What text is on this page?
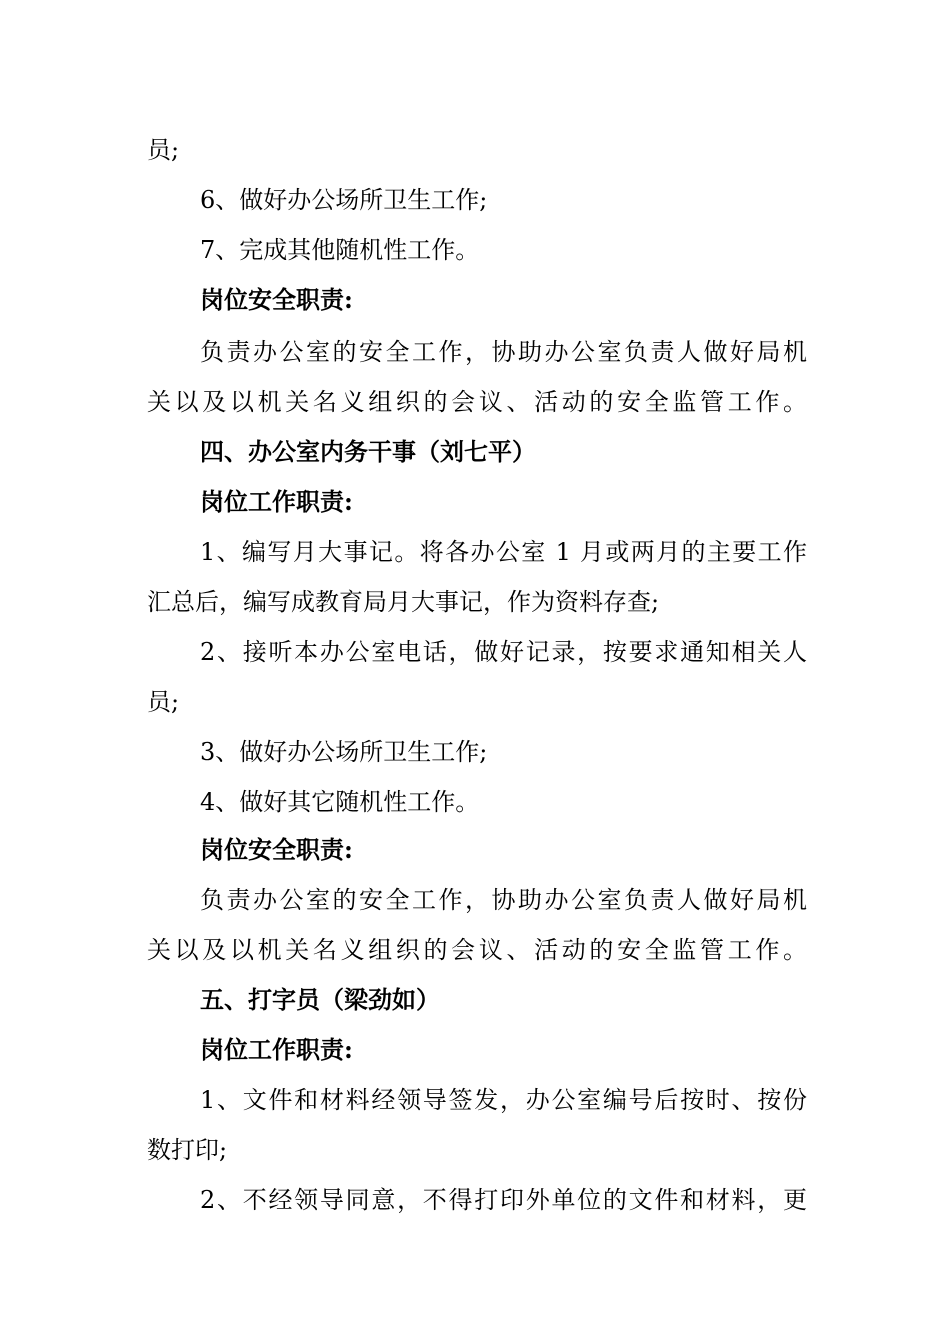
员;
6、做好办公场所卫生工作;
7、完成其他随机性工作。
岗位安全职责:
负责办公室的安全工作，协助办公室负责人做好局机
关以及以机关名义组织的会议、活动的安全监管工作。
四、办公室内务干事（刘七平）
岗位工作职责:
1、编写月大事记。将各办公室 1 月或两月的主要工作
汇总后，编写成教育局月大事记，作为资料存查;
2、接听本办公室电话，做好记录，按要求通知相关人
员;
3、做好办公场所卫生工作;
4、做好其它随机性工作。
岗位安全职责:
负责办公室的安全工作，协助办公室负责人做好局机
关以及以机关名义组织的会议、活动的安全监管工作。
五、打字员（梁劲如）
岗位工作职责:
1、文件和材料经领导签发，办公室编号后按时、按份
数打印;
2、不经领导同意，不得打印外单位的文件和材料，更
